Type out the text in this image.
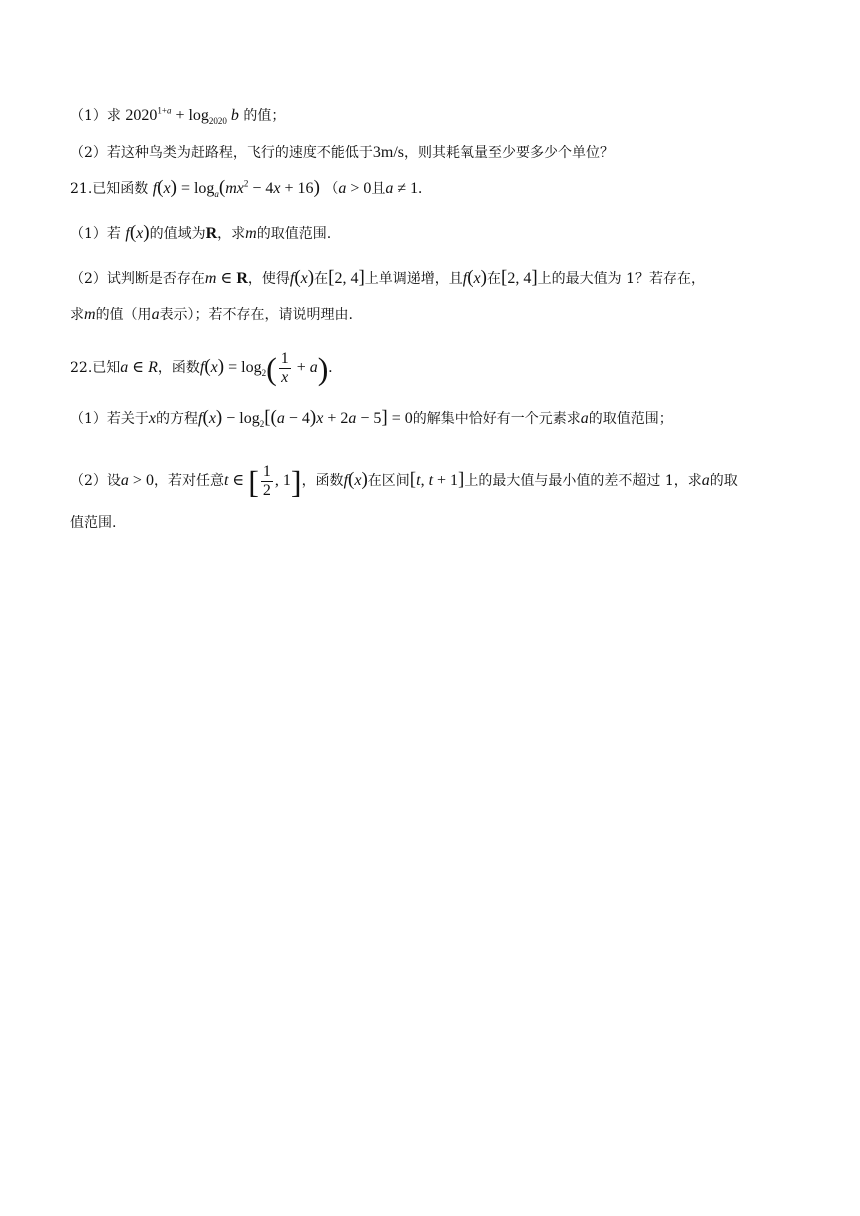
（1）求 $2020^{1+a} + \log_{2020} b$ 的值；
（2）若这种鸟类为赶路程，飞行的速度不能低于3m/s，则其耗氧量至少要多少个单位？
21.已知函数 $f(x) = \log_a(mx^2 - 4x + 16) (a > 0$且a ≠ 1.
（1）若 f(x)的值域为R，求m的取值范围.
（2）试判断是否存在m ∈ R，使得f(x)在[2, 4]上单调递增，且f(x)在[2, 4]上的最大值为 1？若存在，
求m的值（用a表示）；若不存在，请说明理由.
22.已知a ∈ R，函数$f(x) = \log_2( \frac{1}{x} + a)$.
（1）若关于x的方程$f(x) - \log_2[(a - 4)x + 2a - 5] = 0$的解集中恰好有一个元素求a的取值范围；
（2）设a > 0，若对任意t ∈ [ $\frac{1}{2}$ , 1]，函数f(x)在区间[t, t + 1]上的最大值与最小值的差不超过 1，求a的取
值范围.
